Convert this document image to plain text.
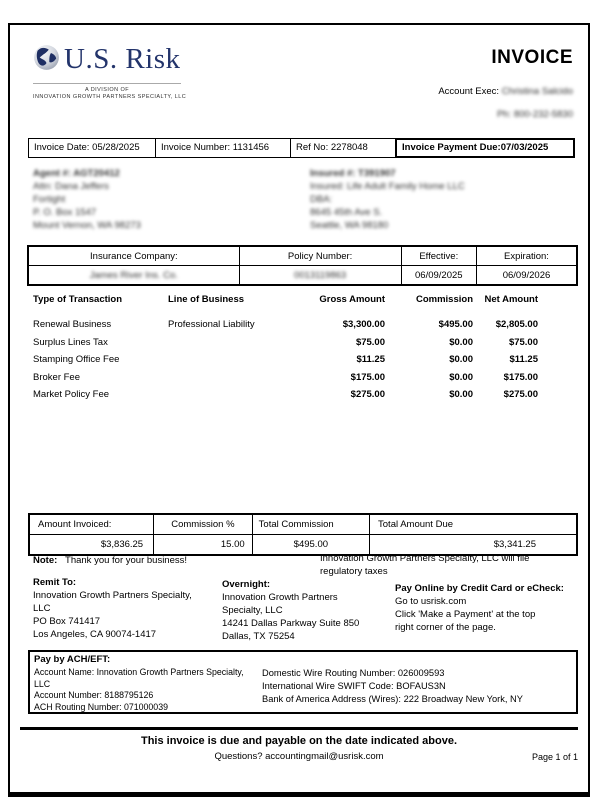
U.S. Risk
A DIVISION OF
INNOVATION GROWTH PARTNERS SPECIALTY, LLC
INVOICE
Account Exec: Christina Salcido
Ph: 800-232-5830
Invoice Date: 05/28/2025	Invoice Number: 1131456	Ref No: 2278048	Invoice Payment Due:07/03/2025
Agent #: AGT20412
Attn: Dana Jeffers
Fortight
P. O. Box 1547
Mount Vernon, WA 98273
Insured #: T391907
Insured: Life Adult Family Home LLC
DBA:
8645 45th Ave S.
Seattle, WA 98180
Insurance Company:	Policy Number:	Effective:	Expiration:
James River Ins. Co.	0013119863	06/09/2025	06/09/2026
Type of Transaction	Line of Business	Gross Amount	Commission	Net Amount
Renewal Business	Professional Liability	$3,300.00	$495.00	$2,805.00
Surplus Lines Tax		$75.00	$0.00	$75.00
Stamping Office Fee		$11.25	$0.00	$11.25
Broker Fee		$175.00	$0.00	$175.00
Market Policy Fee		$275.00	$0.00	$275.00
Amount Invoiced:	Commission %	Total Commission	Total Amount Due
$3,836.25	15.00	$495.00	$3,341.25
Note: Thank you for your business!	Innovation Growth Partners Specialty, LLC will file
regulatory taxes
Remit To:
Innovation Growth Partners Specialty,
LLC
PO Box 741417
Los Angeles, CA 90074-1417
Overnight:
Innovation Growth Partners
Specialty, LLC
14241 Dallas Parkway Suite 850
Dallas, TX 75254
Pay Online by Credit Card or eCheck:
Go to usrisk.com
Click 'Make a Payment' at the top
right corner of the page.
Pay by ACH/EFT:
Account Name: Innovation Growth Partners Specialty,
LLC
Account Number: 8188795126
ACH Routing Number: 071000039
Domestic Wire Routing Number: 026009593
International Wire SWIFT Code: BOFAUS3N
Bank of America Address (Wires): 222 Broadway New York, NY
This invoice is due and payable on the date indicated above.
Questions? accountingmail@usrisk.com	Page 1 of 1
